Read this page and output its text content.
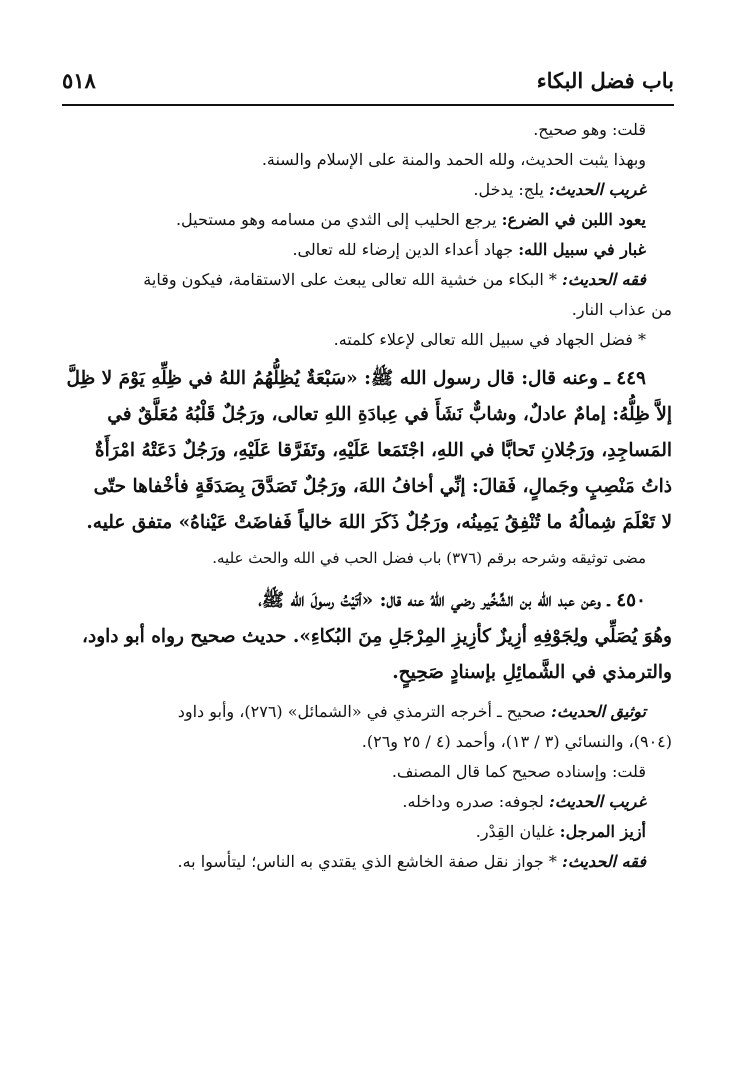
باب فضل البكاء
٥١٨
قلت: وهو صحيح.
وبهذا يثبت الحديث، ولله الحمد والمنة على الإسلام والسنة.
غريب الحديث: يلج: يدخل.
يعود اللبن في الضرع: يرجع الحليب إلى الثدي من مسامه وهو مستحيل.
غبار في سبيل الله: جهاد أعداء الدين إرضاء لله تعالى.
فقه الحديث: * البكاء من خشية الله تعالى يبعث على الاستقامة، فيكون وقاية
من عذاب النار.
* فضل الجهاد في سبيل الله تعالى لإعلاء كلمته.
٤٤٩ ـ وعنه قال: قال رسول الله ﷺ: «سَبْعَةٌ يُظِلُّهُمُ اللهُ في ظِلِّهِ يَوْمَ لا ظِلَّ
إلاَّ ظِلُّهُ: إمامٌ عادلٌ، وشابٌّ نَشَأَ في عِبادَةِ اللهِ تعالى، ورَجُلٌ قَلْبُهُ مُعَلَّقٌ في
المَساجِدِ، ورَجُلانِ تَحابَّا في اللهِ، اجْتَمَعا عَلَيْهِ، وتَفَرَّقا عَلَيْهِ، ورَجُلٌ دَعَتْهُ امْرَأَةٌ
ذاتُ مَنْصِبٍ وجَمالٍ، فَقالَ: إنِّي أخافُ اللهَ، ورَجُلٌ تَصَدَّقَ بِصَدَقَةٍ فأخْفاها حتّى
لا تَعْلَمَ شِمالُهُ ما تُنْفِقُ يَمِينُه، ورَجُلٌ ذَكَرَ اللهَ خالياً فَفاضَتْ عَيْناهُ» متفق عليه.
مضى توثيقه وشرحه برقم (٣٧٦) باب فضل الحب في الله والحث عليه.
٤٥٠ ـ وعن عبد الله بن الشِّخِّير رضي اللهُ عنه قال: «أتَيْتُ رسولَ الله ﷺ،
وهُوَ يُصَلِّي ولِجَوْفِهِ أزِيزٌ كأزِيزِ المِرْجَلِ مِنَ البُكاءِ». حديث صحيح رواه أبو داود،
والترمذي في الشَّمائِلِ بإسنادٍ صَحِيحٍ.
توثيق الحديث: صحيح ـ أخرجه الترمذي في «الشمائل» (٢٧٦)، وأبو داود
(٩٠٤)، والنسائي (٣ / ١٣)، وأحمد (٤ / ٢٥ و٢٦).
قلت: وإسناده صحيح كما قال المصنف.
غريب الحديث: لجوفه: صدره وداخله.
أزيز المرجل: غليان القِدْر.
فقه الحديث: * جواز نقل صفة الخاشع الذي يقتدي به الناس؛ ليتأسوا به.
